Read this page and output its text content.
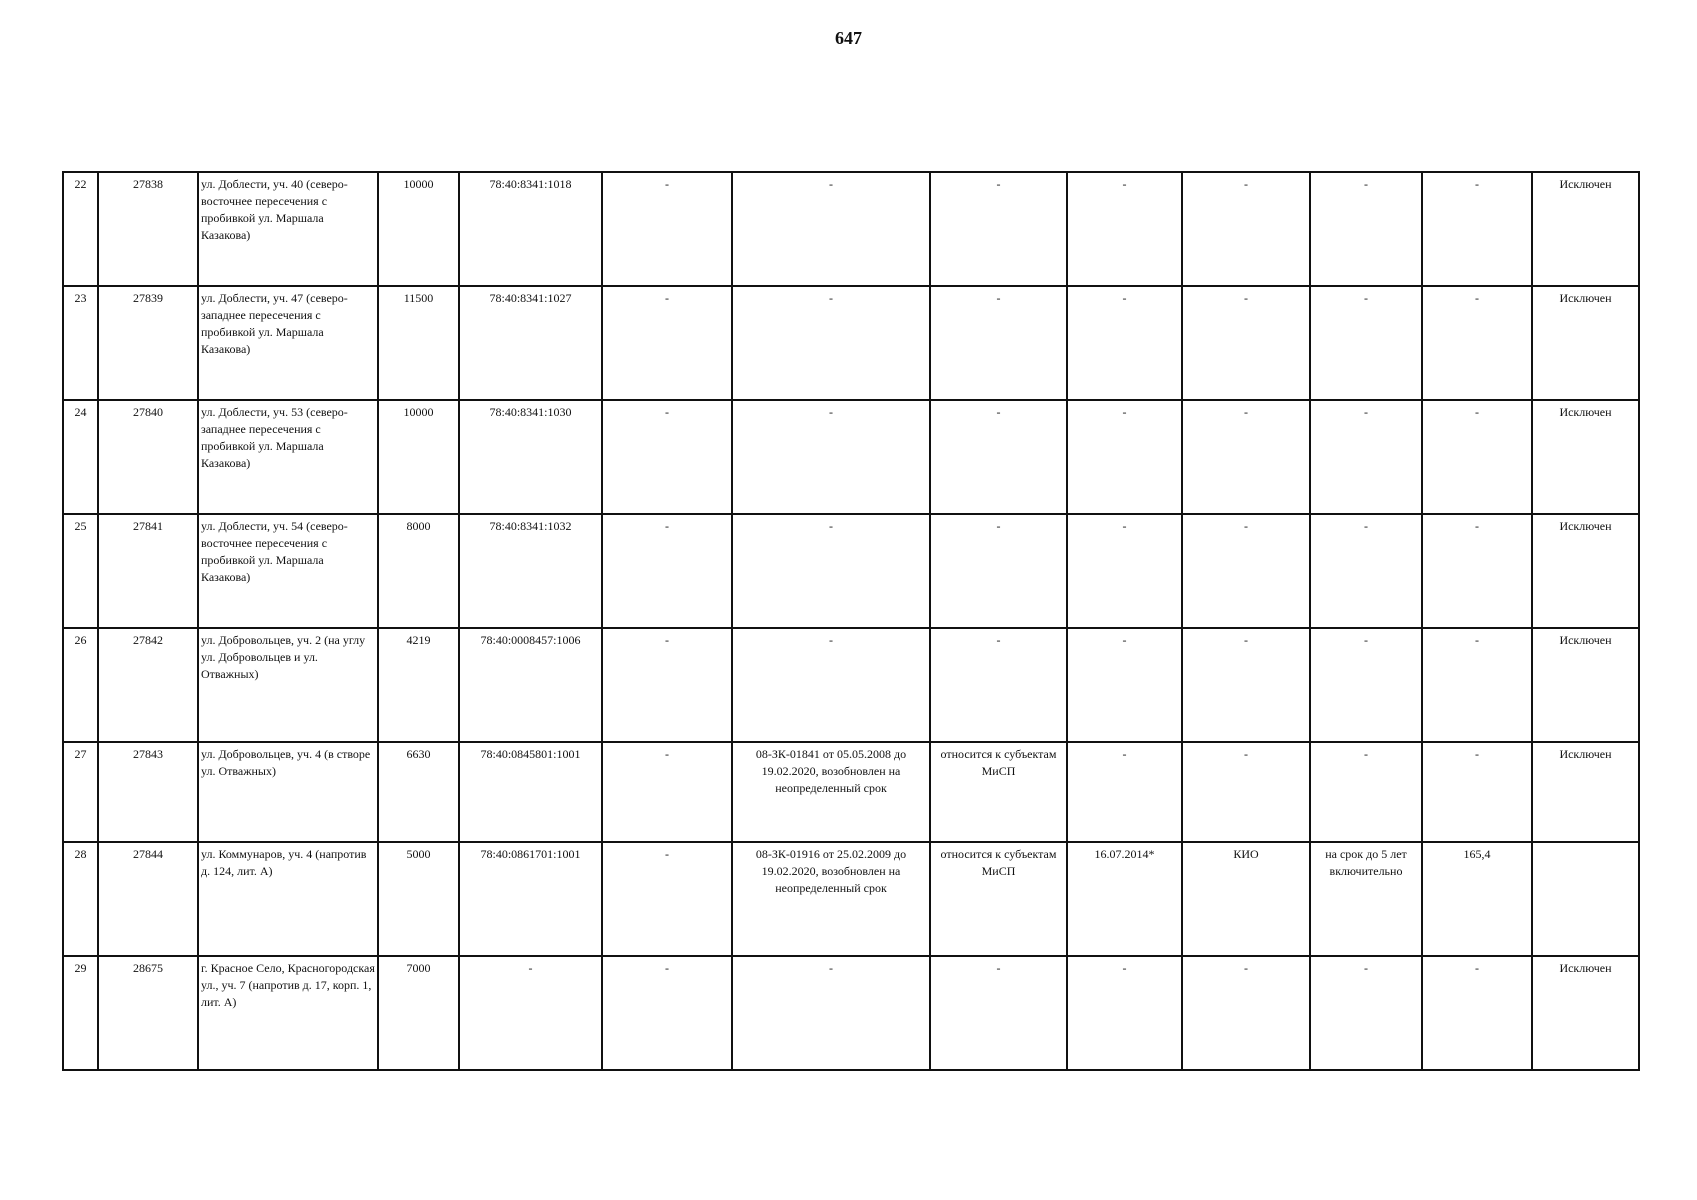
647
22	27838	ул. Доблести, уч. 40 (северо-восточнее пересечения с пробивкой ул. Маршала Казакова)	10000	78:40:8341:1018	-	-	-	-	-	-	-	Исключен
23	27839	ул. Доблести, уч. 47 (северо-западнее пересечения с пробивкой ул. Маршала Казакова)	11500	78:40:8341:1027	-	-	-	-	-	-	-	Исключен
24	27840	ул. Доблести, уч. 53 (северо-западнее пересечения с пробивкой ул. Маршала Казакова)	10000	78:40:8341:1030	-	-	-	-	-	-	-	Исключен
25	27841	ул. Доблести, уч. 54 (северо-восточнее пересечения с пробивкой ул. Маршала Казакова)	8000	78:40:8341:1032	-	-	-	-	-	-	-	Исключен
26	27842	ул. Добровольцев, уч. 2 (на углу ул. Добровольцев и ул. Отважных)	4219	78:40:0008457:1006	-	-	-	-	-	-	-	Исключен
27	27843	ул. Добровольцев, уч. 4 (в створе ул. Отважных)	6630	78:40:0845801:1001	-	08-ЗК-01841 от 05.05.2008 до 19.02.2020, возобновлен на неопределенный срок	относится к субъектам МиСП	-	-	-	-	Исключен
28	27844	ул. Коммунаров, уч. 4 (напротив д. 124, лит. А)	5000	78:40:0861701:1001	-	08-ЗК-01916 от 25.02.2009 до 19.02.2020, возобновлен на неопределенный срок	относится к субъектам МиСП	16.07.2014*	КИО	на срок до 5 лет включительно	165,4	
29	28675	г. Красное Село, Красногородская ул., уч. 7 (напротив д. 17, корп. 1, лит. А)	7000	-	-	-	-	-	-	-	-	Исключен
